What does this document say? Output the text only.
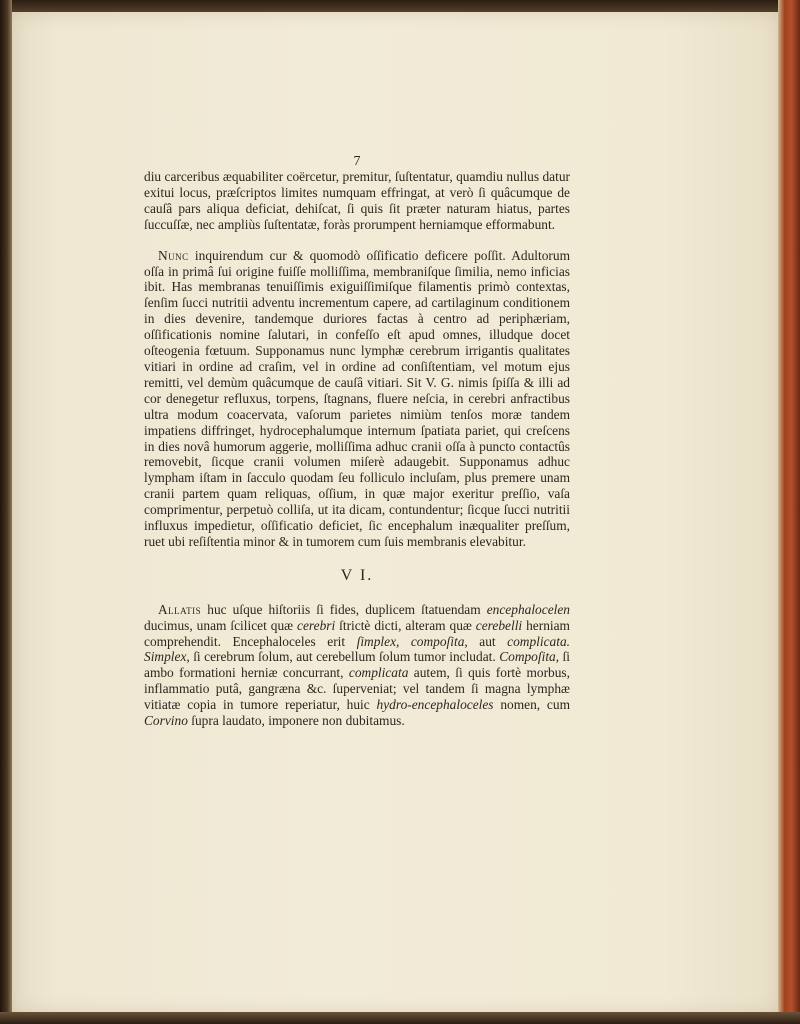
7

diu carceribus æquabiliter coërcetur, premitur, ſuſtentatur, quamdiu nullus datur exitui locus, præſcriptos limites numquam effringat, at verò ſi quâcumque de cauſâ pars aliqua deficiat, dehiſcat, ſi quis ſit præter naturam hiatus, partes ſuccuſſæ, nec ampliùs ſuſtentatæ, foràs prorumpent herniamque efformabunt.

Nunc inquirendum cur & quomodò oſſificatio deficere poſſit. Adultorum oſſa in primâ ſui origine fuiſſe molliſſima, membraniſque ſimilia, nemo inficias ibit. Has membranas tenuiſſimis exiguiſſimiſque filamentis primò contextas, ſenſim ſucci nutritii adventu incrementum capere, ad cartilaginum conditionem in dies devenire, tandemque duriores factas à centro ad periphæriam, oſſificationis nomine ſalutari, in confeſſo eſt apud omnes, illudque docet oſteogenia fœtuum. Supponamus nunc lymphæ cerebrum irrigantis qualitates vitiari in ordine ad craſim, vel in ordine ad conſiſtentiam, vel motum ejus remitti, vel demùm quâcumque de cauſâ vitiari. Sit V. G. nimis ſpiſſa & illi ad cor denegetur refluxus, torpens, ſtagnans, fluere neſcia, in cerebri anfractibus ultra modum coacervata, vaſorum parietes nimiùm tenſos moræ tandem impatiens diffringet, hydrocephalumque internum ſpatiata pariet, qui creſcens in dies novâ humorum aggerie, molliſſima adhuc cranii oſſa à puncto contactûs removebit, ſicque cranii volumen miſerè adaugebit. Supponamus adhuc lympham iſtam in ſacculo quodam ſeu folliculo incluſam, plus premere unam cranii partem quam reliquas, oſſium, in quæ major exeritur preſſio, vaſa comprimentur, perpetuò colliſa, ut ita dicam, contundentur; ſicque ſucci nutritii influxus impedietur, oſſificatio deficiet, ſic encephalum inæqualiter preſſum, ruet ubi reſiſtentia minor & in tumorem cum ſuis membranis elevabitur.

V I.

Allatis huc uſque hiſtoriis ſi fides, duplicem ſtatuendam encephalocelen ducimus, unam ſcilicet quæ cerebri ſtrictè dicti, alteram quæ cerebelli herniam comprehendit. Encephaloceles erit ſimplex, compoſita, aut complicata. Simplex, ſi cerebrum ſolum, aut cerebellum ſolum tumor includat. Compoſita, ſi ambo formationi herniæ concurrant, complicata autem, ſi quis fortè morbus, inflammatio putâ, gangræna &c. ſuperveniat; vel tandem ſi magna lymphæ vitiatæ copia in tumore reperiatur, huic hydro-encephaloceles nomen, cum Corvino ſupra laudato, imponere non dubitamus.
